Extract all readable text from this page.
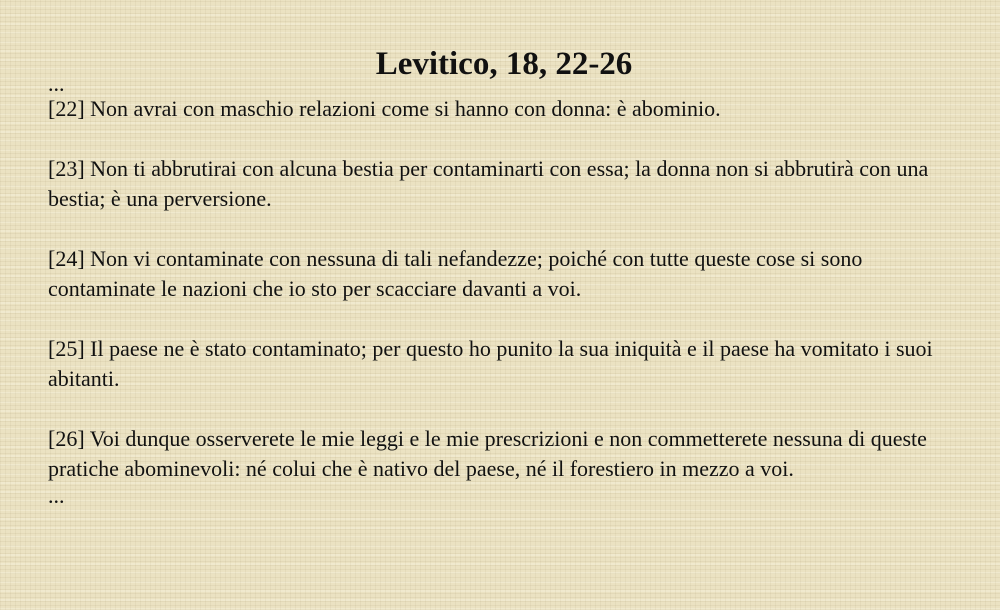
Levitico, 18, 22-26

...

[22] Non avrai con maschio relazioni come si hanno con donna: è abominio.

[23] Non ti abbrutirai con alcuna bestia per contaminarti con essa; la donna non si abbrutirà con una bestia; è una perversione.

[24] Non vi contaminate con nessuna di tali nefandezze; poiché con tutte queste cose si sono contaminate le nazioni che io sto per scacciare davanti a voi.

[25] Il paese ne è stato contaminato; per questo ho punito la sua iniquità e il paese ha vomitato i suoi abitanti.

[26] Voi dunque osserverete le mie leggi e le mie prescrizioni e non commetterete nessuna di queste pratiche abominevoli: né colui che è nativo del paese, né il forestiero in mezzo a voi.

...
